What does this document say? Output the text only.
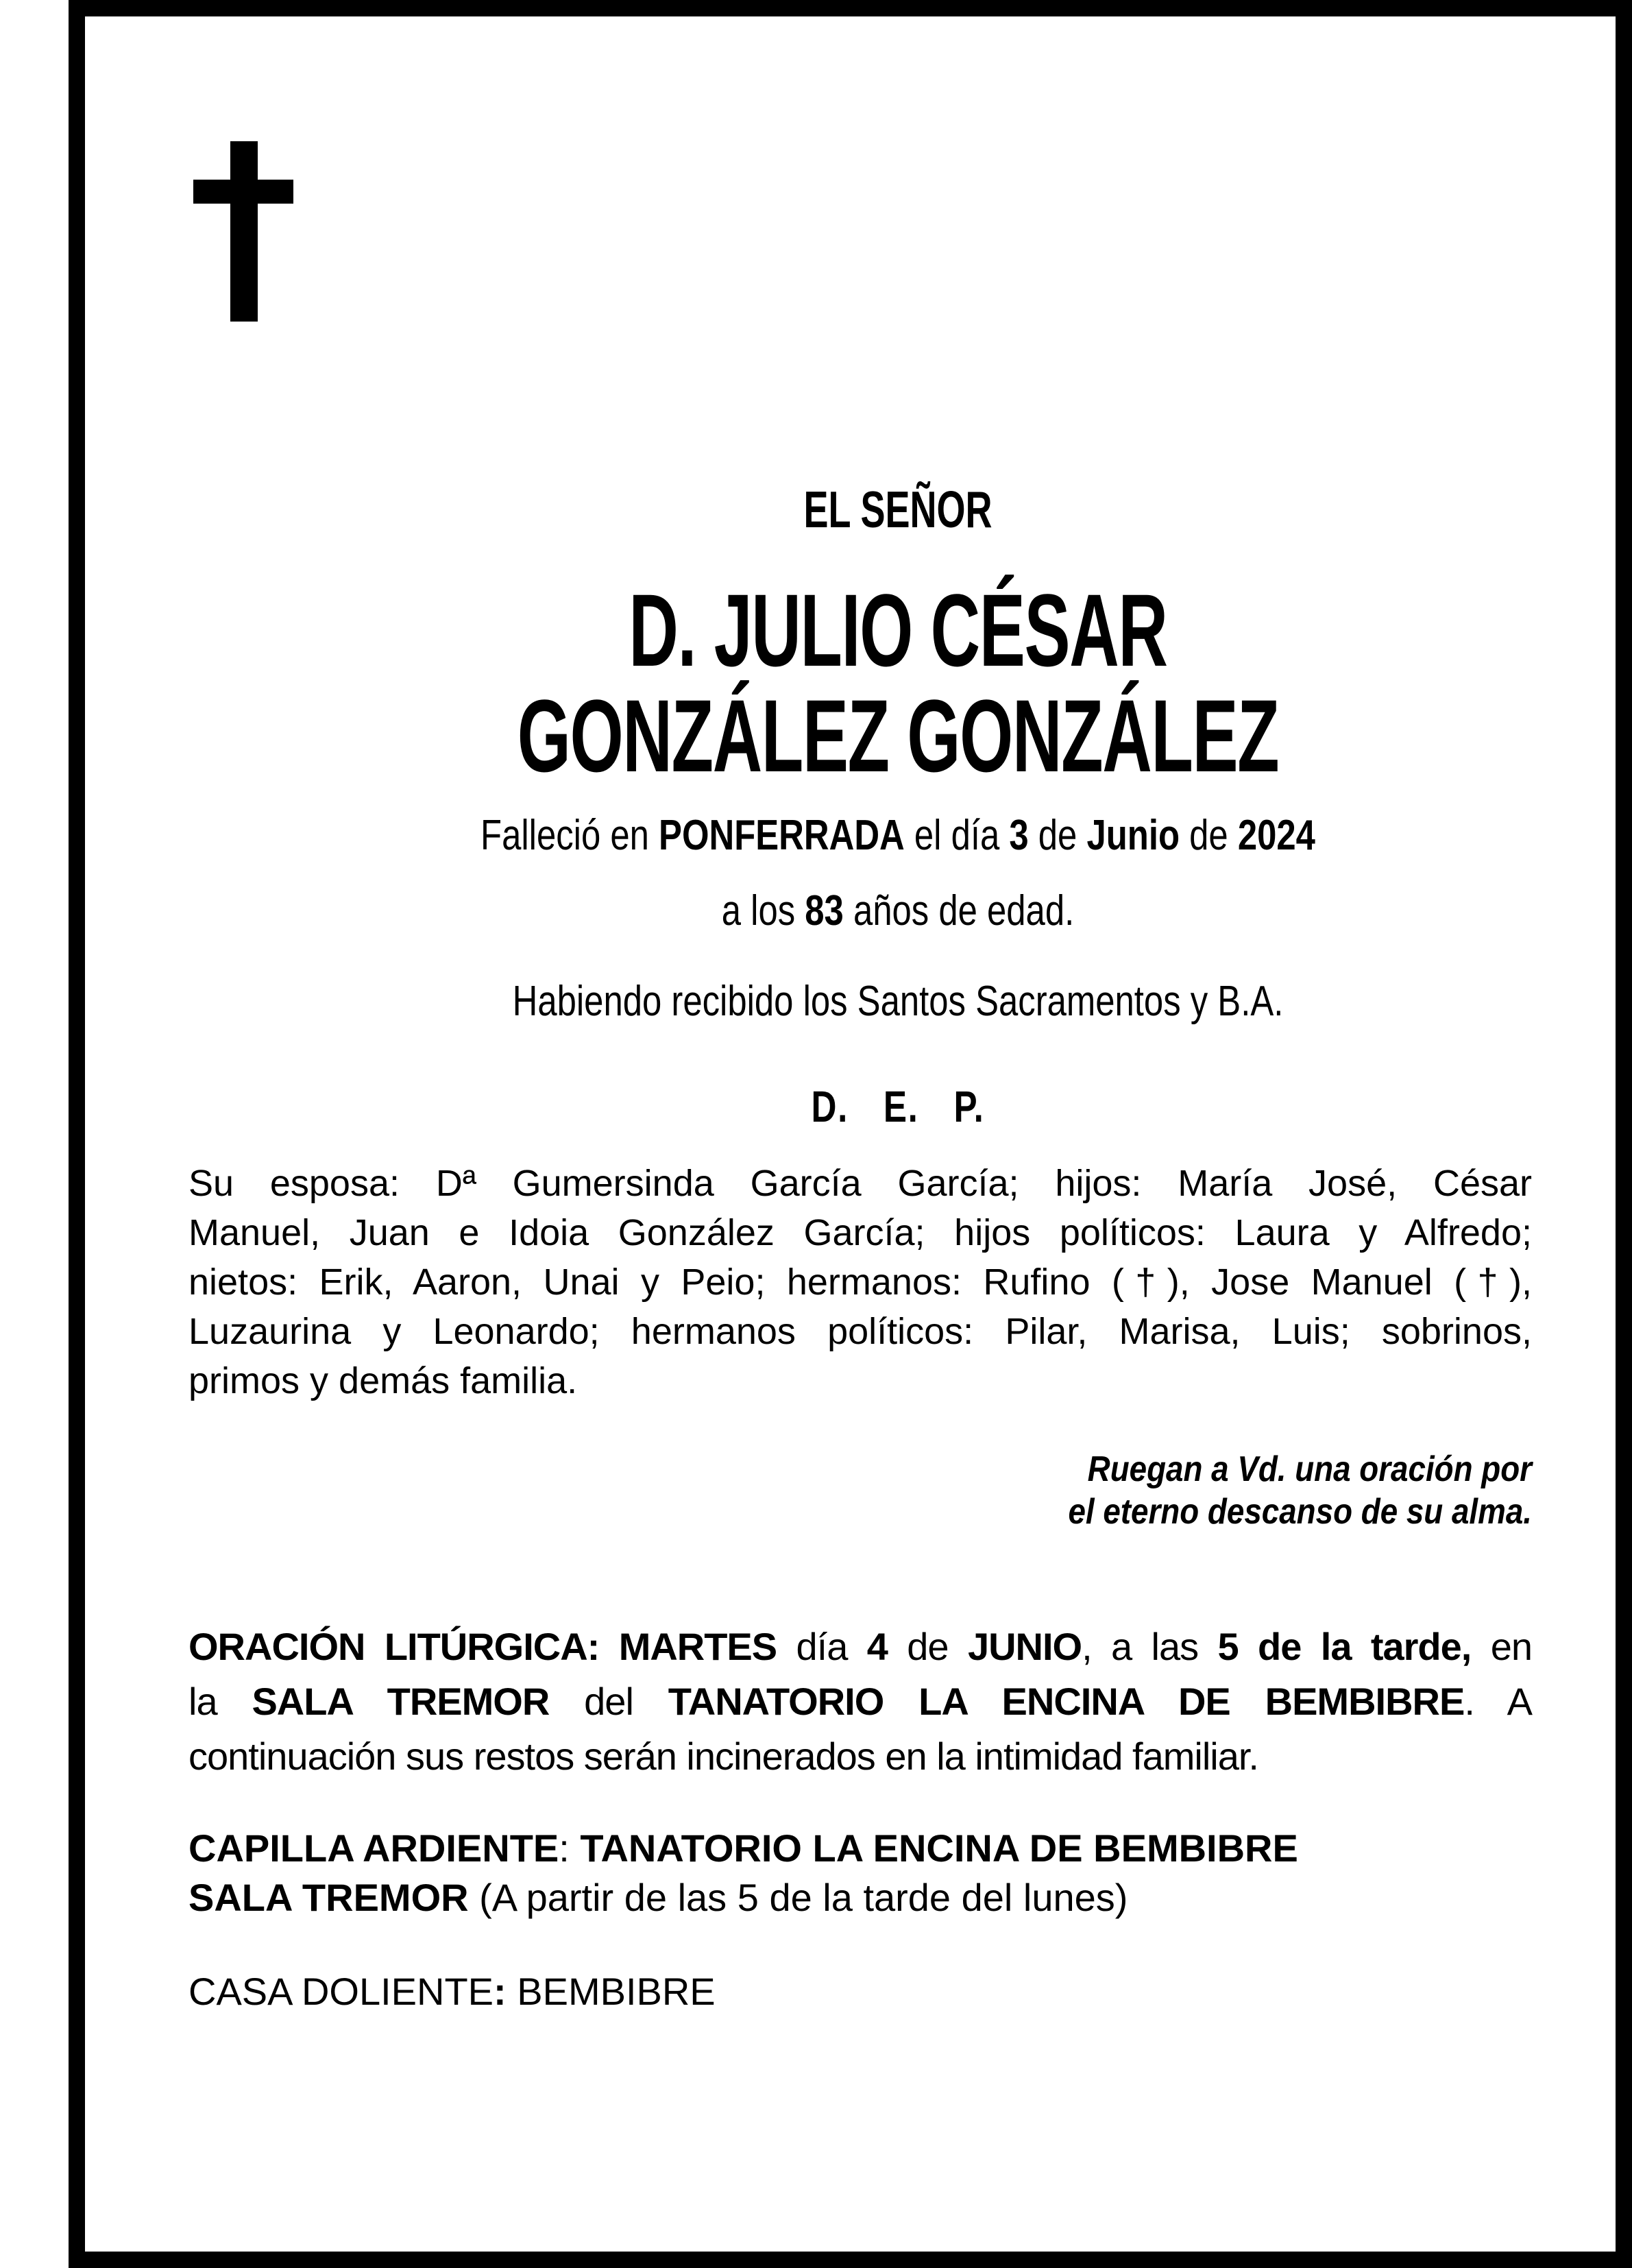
EL SEÑOR
D. JULIO CÉSAR
GONZÁLEZ GONZÁLEZ
Falleció en PONFERRADA el día 3 de Junio de 2024
a los 83 años de edad.
Habiendo recibido los Santos Sacramentos y B.A.
D. E. P.
Su esposa: Dª Gumersinda García García; hijos: María José, César
Manuel, Juan e Idoia González García; hijos políticos: Laura y Alfredo;
nietos: Erik, Aaron, Unai y Peio; hermanos: Rufino (†), Jose Manuel (†),
Luzaurina y Leonardo; hermanos políticos: Pilar, Marisa, Luis; sobrinos,
primos y demás familia.
Ruegan a Vd. una oración por
el eterno descanso de su alma.
ORACIÓN LITÚRGICA: MARTES día 4 de JUNIO, a las 5 de la tarde, en
la SALA TREMOR del TANATORIO LA ENCINA DE BEMBIBRE. A
continuación sus restos serán incinerados en la intimidad familiar.
CAPILLA ARDIENTE: TANATORIO LA ENCINA DE BEMBIBRE
SALA TREMOR (A partir de las 5 de la tarde del lunes)
CASA DOLIENTE: BEMBIBRE
